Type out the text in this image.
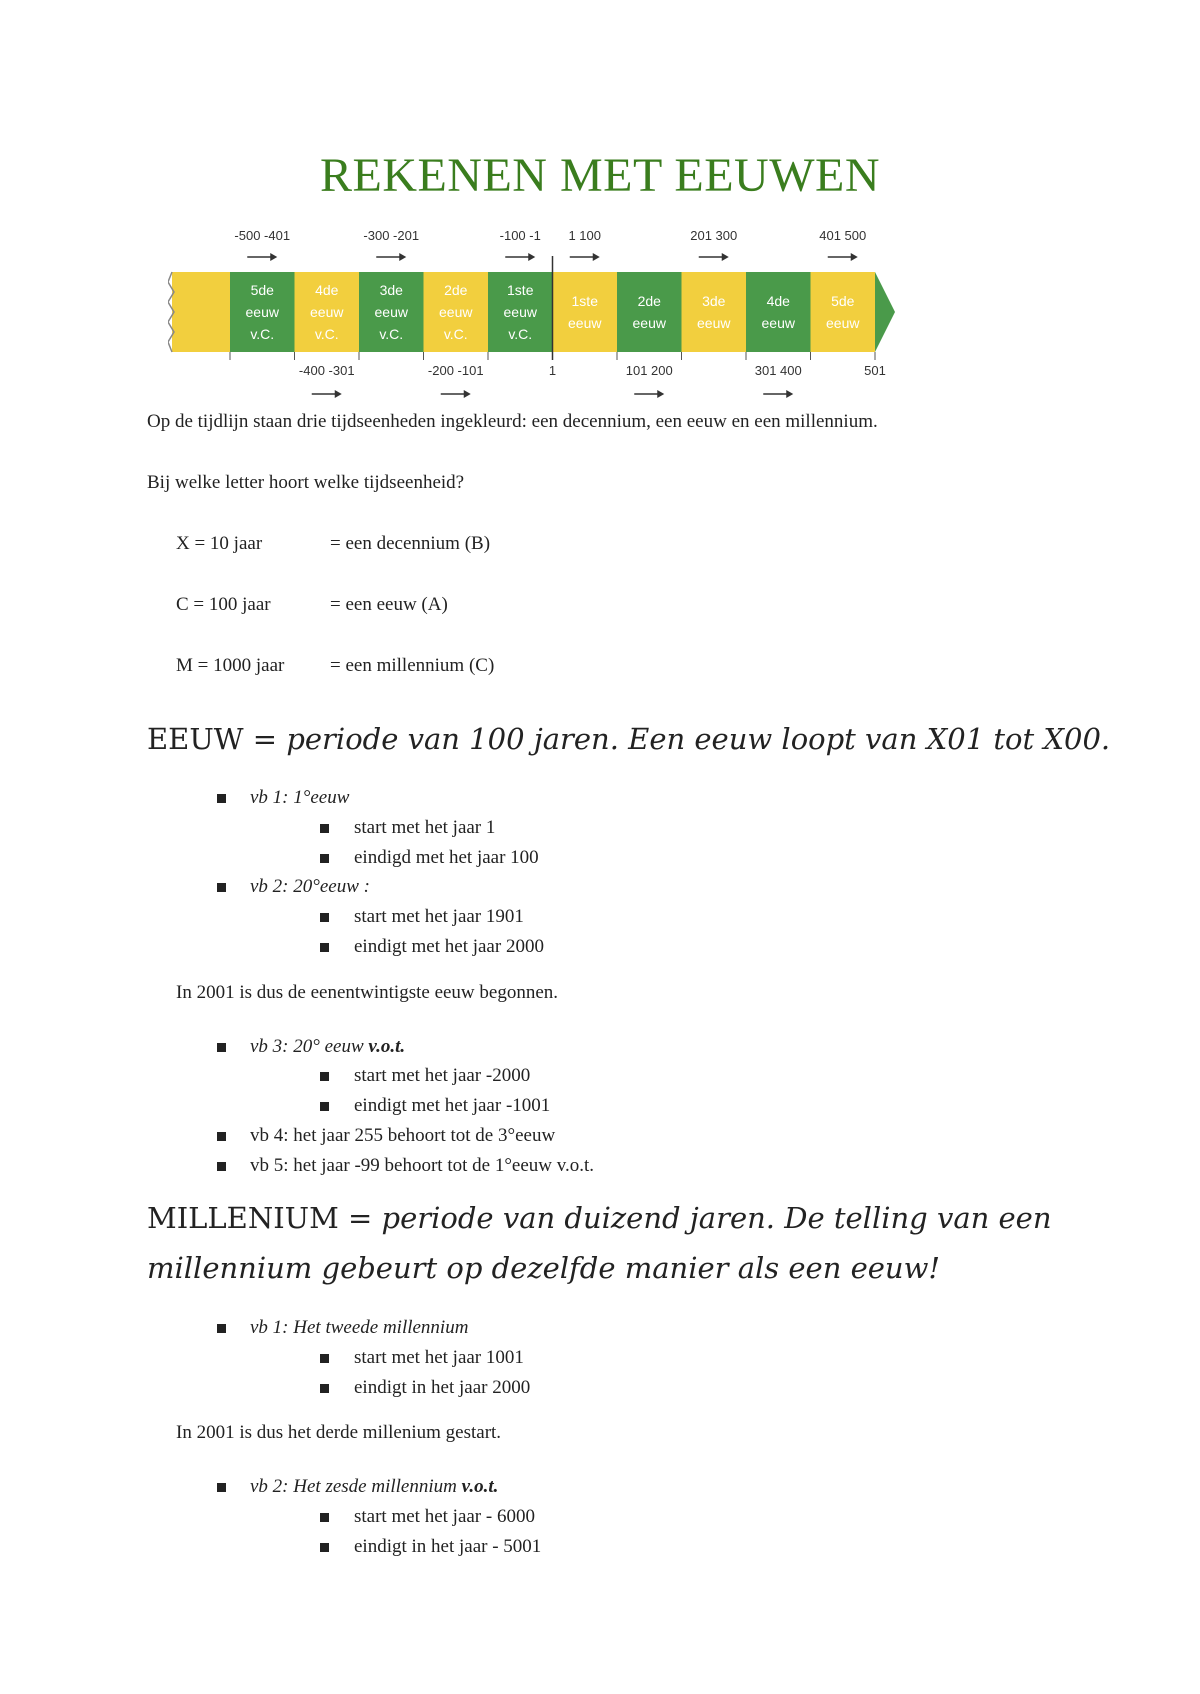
REKENEN MET EEUWEN
5de
eeuw
v.C.
4de
eeuw
v.C.
3de
eeuw
v.C.
2de
eeuw
v.C.
1ste
eeuw
v.C.
1ste
eeuw
2de
eeuw
3de
eeuw
4de
eeuw
5de
eeuw
-500 -401	-300 -201	-100 -1 1 100	201 300	401 500
-400 -301	-200 -101	1	101 200	301 400	501
Op de tijdlijn staan drie tijdseenheden ingekleurd: een decennium, een eeuw en een millennium.
Bij welke letter hoort welke tijdseenheid?
X = 10 jaar	= een decennium (B)
C = 100 jaar	= een eeuw (A)
M = 1000 jaar = een millennium (C)
EEUW = periode van 100 jaren. Een eeuw loopt van X01 tot X00.
vb 1: 1°eeuw
start met het jaar 1
eindigd met het jaar 100
vb 2: 20°eeuw :
start met het jaar 1901
eindigt met het jaar 2000
In 2001 is dus de eenentwintigste eeuw begonnen.
vb 3: 20° eeuw v.o.t.
start met het jaar -2000
eindigt met het jaar -1001
vb 4: het jaar 255 behoort tot de 3°eeuw
vb 5: het jaar -99 behoort tot de 1°eeuw v.o.t.
MILLENIUM = periode van duizend jaren. De telling van een
millennium gebeurt op dezelfde manier als een eeuw!
vb 1: Het tweede millennium
start met het jaar 1001
eindigt in het jaar 2000
In 2001 is dus het derde millenium gestart.
vb 2: Het zesde millennium v.o.t.
start met het jaar - 6000
eindigt in het jaar - 5001
